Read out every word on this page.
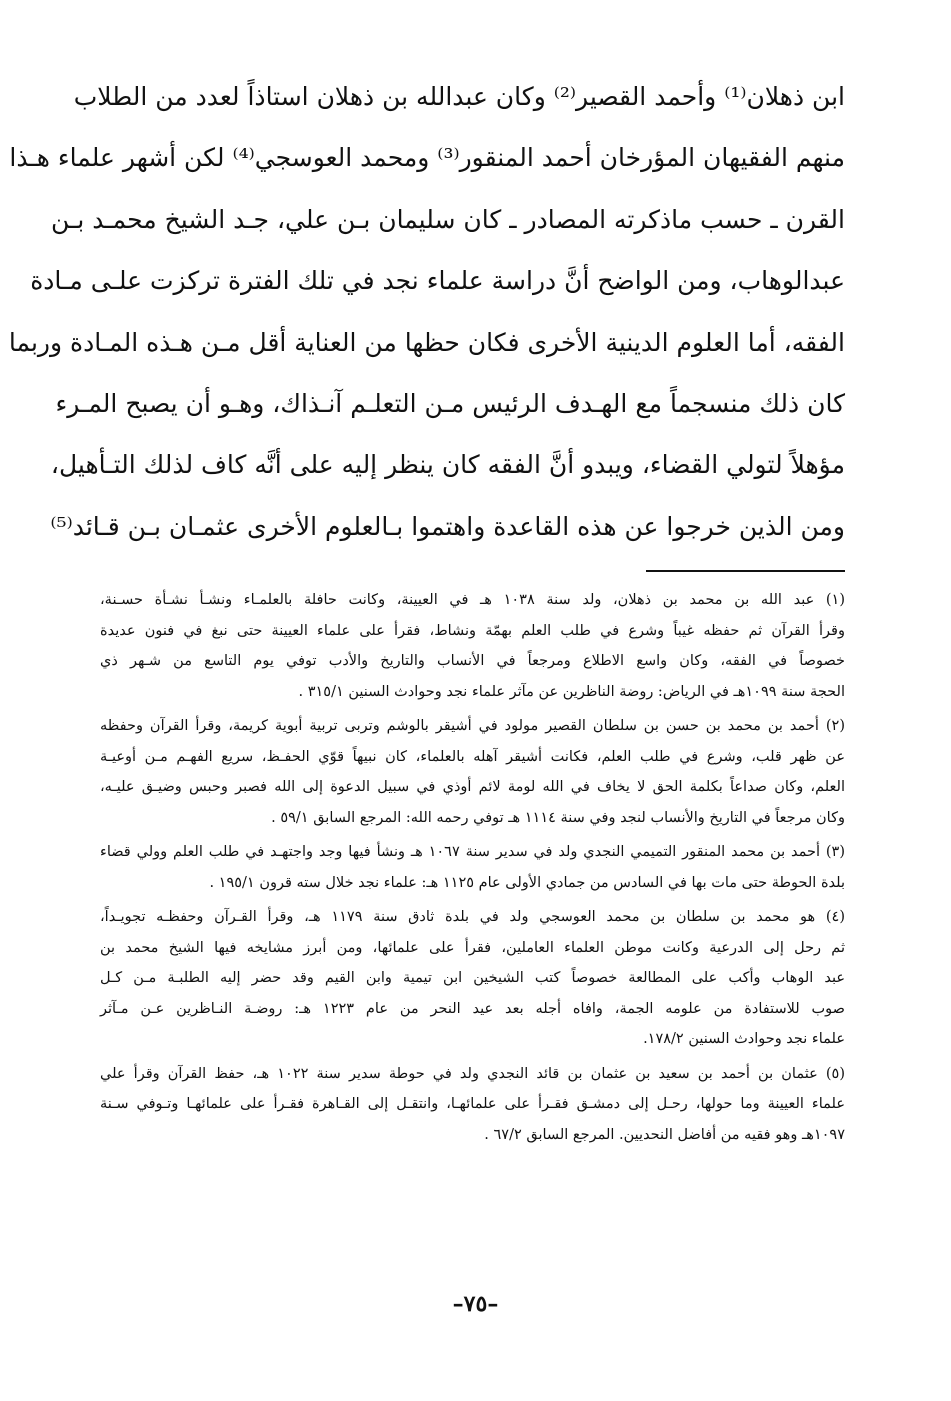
ابن ذهلان⁽¹⁾ وأحمد القصير⁽²⁾ وكان عبدالله بن ذهلان استاذاً لعدد من الطلاب
منهم الفقيهان المؤرخان أحمد المنقور⁽³⁾ ومحمد العوسجي⁽⁴⁾ لكن أشهر علماء هـذا
القرن ـ حسب ماذكرته المصادر ـ كان سليمان بـن علي، جـد الشيخ محمـد بـن
عبدالوهاب، ومن الواضح أنَّ دراسة علماء نجد في تلك الفترة تركزت علـى مـادة
الفقه، أما العلوم الدينية الأخرى فكان حظها من العناية أقل مـن هـذه المـادة وربما
كان ذلك منسجماً مع الهـدف الرئيس مـن التعلـم آنـذاك، وهـو أن يصبح المـرء
مؤهلاً لتولي القضاء، ويبدو أنَّ الفقه كان ينظر إليه على أنَّه كاف لذلك التـأهيل،
ومن الذين خرجوا عن هذه القاعدة واهتموا بـالعلوم الأخرى عثمـان بـن قـائد⁽⁵⁾
(١) عبد الله بن محمد بن ذهلان، ولد سنة ١٠٣٨ هـ في العيينة، وكانت حافلة بالعلمـاء ونشـأ نشـأة حسـنة،
وقرأ القرآن ثم حفظه غيباً وشرع في طلب العلم بهمّة ونشاط، فقرأ على علماء العيينة حتى نبغ في فنون عديدة
خصوصاً في الفقه، وكان واسع الاطلاع ومرجعاً في الأنساب والتاريخ والأدب توفي يوم التاسع من شـهر ذي
الحجة سنة ١٠٩٩هـ في الرياض: روضة الناظرين عن مآثر علماء نجد وحوادث السنين ٣١٥/١ .
(٢) أحمد بن محمد بن حسن بن سلطان القصير مولود في أشيقر بالوشم وتربى تربية أبوية كريمة، وقرأ القرآن وحفظه
عن ظهر قلب، وشرع في طلب العلم، فكانت أشيقر آهله بالعلماء، كان نبيهاً قوّي الحفـظ، سريع الفهـم مـن أوعيـة
العلم، وكان صداعاً بكلمة الحق لا يخاف في الله لومة لائم أوذي في سبيل الدعوة إلى الله فصبر وحبس وضيـق عليـه،
وكان مرجعاً في التاريخ والأنساب لنجد وفي سنة ١١١٤ هـ توفي رحمه الله: المرجع السابق ٥٩/١ .
(٣) أحمد بن محمد المنقور التميمي النجدي ولد في سدير سنة ١٠٦٧ هـ ونشأ فيها وجد واجتهـد في طلب العلم وولي قضاء
بلدة الحوطة حتى مات بها في السادس من جمادي الأولى عام ١١٢٥ هـ: علماء نجد خلال سته قرون ١٩٥/١ .
(٤) هو محمد بن سلطان بن محمد العوسجي ولد في بلدة ثادق سنة ١١٧٩ هـ، وقرأ القـرآن وحفظـه تجويـداً،
ثم رحل إلى الدرعية وكانت موطن العلماء العاملين، فقرأ على علمائها، ومن أبرز مشايخه فيها الشيخ محمد بن
عبد الوهاب وأكب على المطالعة خصوصاً كتب الشيخين ابن تيمية وابن القيم وقد حضر إليه الطلبـة مـن كـل
صوب للاستفادة من علومه الجمة، وافاه أجله بعد عيد النحر من عام ١٢٢٣ هـ: روضـة النـاظرين عـن مـآثر
علماء نجد وحوادث السنين ١٧٨/٢.
(٥) عثمان بن أحمد بن سعيد بن عثمان بن قائد النجدي ولد في حوطة سدير سنة ١٠٢٢ هـ، حفظ القرآن وقرأ علي
علماء العيينة وما حولها، رحـل إلى دمشـق فقـرأ على علمائهـا، وانتقـل إلى القـاهرة فقـرأ على علمائهـا وتـوفي سـنة
١٠٩٧هـ وهو فقيه من أفاضل النحديين. المرجع السابق ٦٧/٢ .
–٧٥–
